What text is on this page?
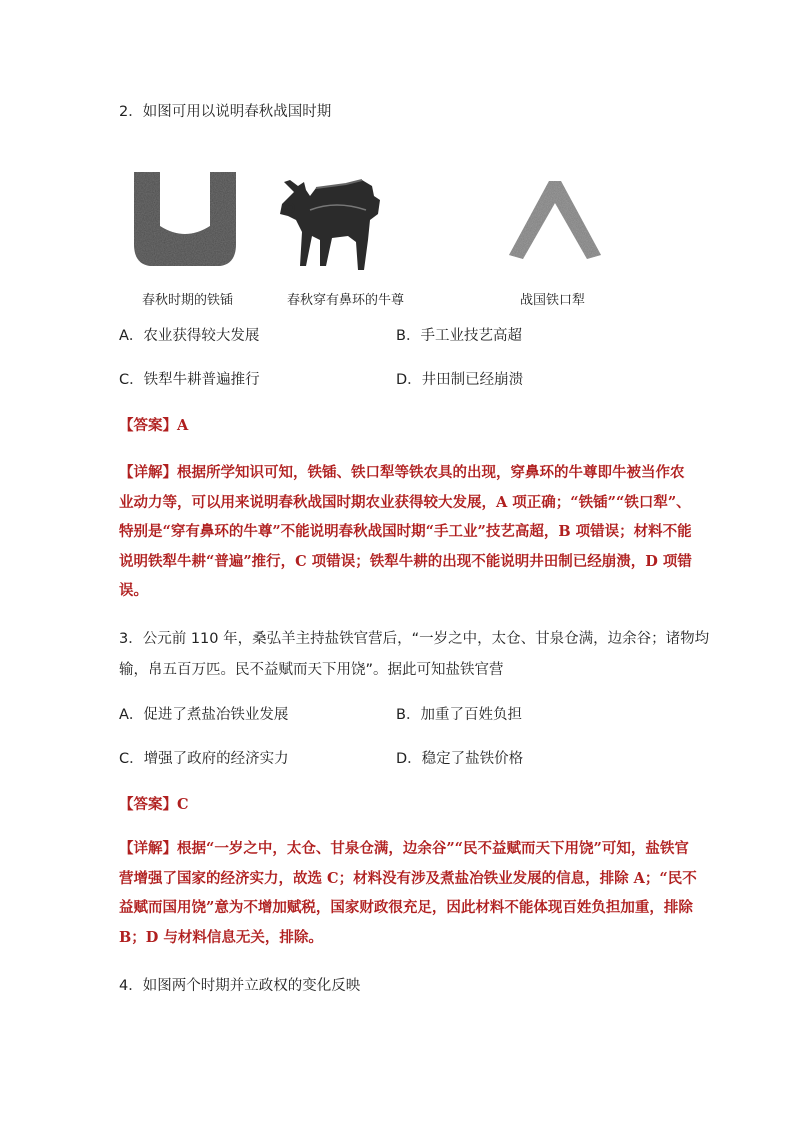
2．如图可用以说明春秋战国时期
春秋时期的铁锸	春秋穿有鼻环的牛尊	战国铁口犁
A．农业获得较大发展	B．手工业技艺高超
C．铁犁牛耕普遍推行	D．井田制已经崩溃
【答案】A
【详解】根据所学知识可知，铁锸、铁口犁等铁农具的出现，穿鼻环的牛尊即牛被当作农
业动力等，可以用来说明春秋战国时期农业获得较大发展，A 项正确；“铁锸”“铁口犁”、
特别是“穿有鼻环的牛尊”不能说明春秋战国时期“手工业”技艺高超，B 项错误；材料不能
说明铁犁牛耕“普遍”推行，C 项错误；铁犁牛耕的出现不能说明井田制已经崩溃，D 项错
误。
3．公元前 110 年，桑弘羊主持盐铁官营后，“一岁之中，太仓、甘泉仓满，边余谷；诸物均
输，帛五百万匹。民不益赋而天下用饶”。据此可知盐铁官营
A．促进了煮盐冶铁业发展	B．加重了百姓负担
C．增强了政府的经济实力	D．稳定了盐铁价格
【答案】C
【详解】根据“一岁之中，太仓、甘泉仓满，边余谷”“民不益赋而天下用饶”可知，盐铁官
营增强了国家的经济实力，故选 C；材料没有涉及煮盐冶铁业发展的信息，排除 A；“民不
益赋而国用饶”意为不增加赋税，国家财政很充足，因此材料不能体现百姓负担加重，排除
B；D 与材料信息无关，排除。
4．如图两个时期并立政权的变化反映
